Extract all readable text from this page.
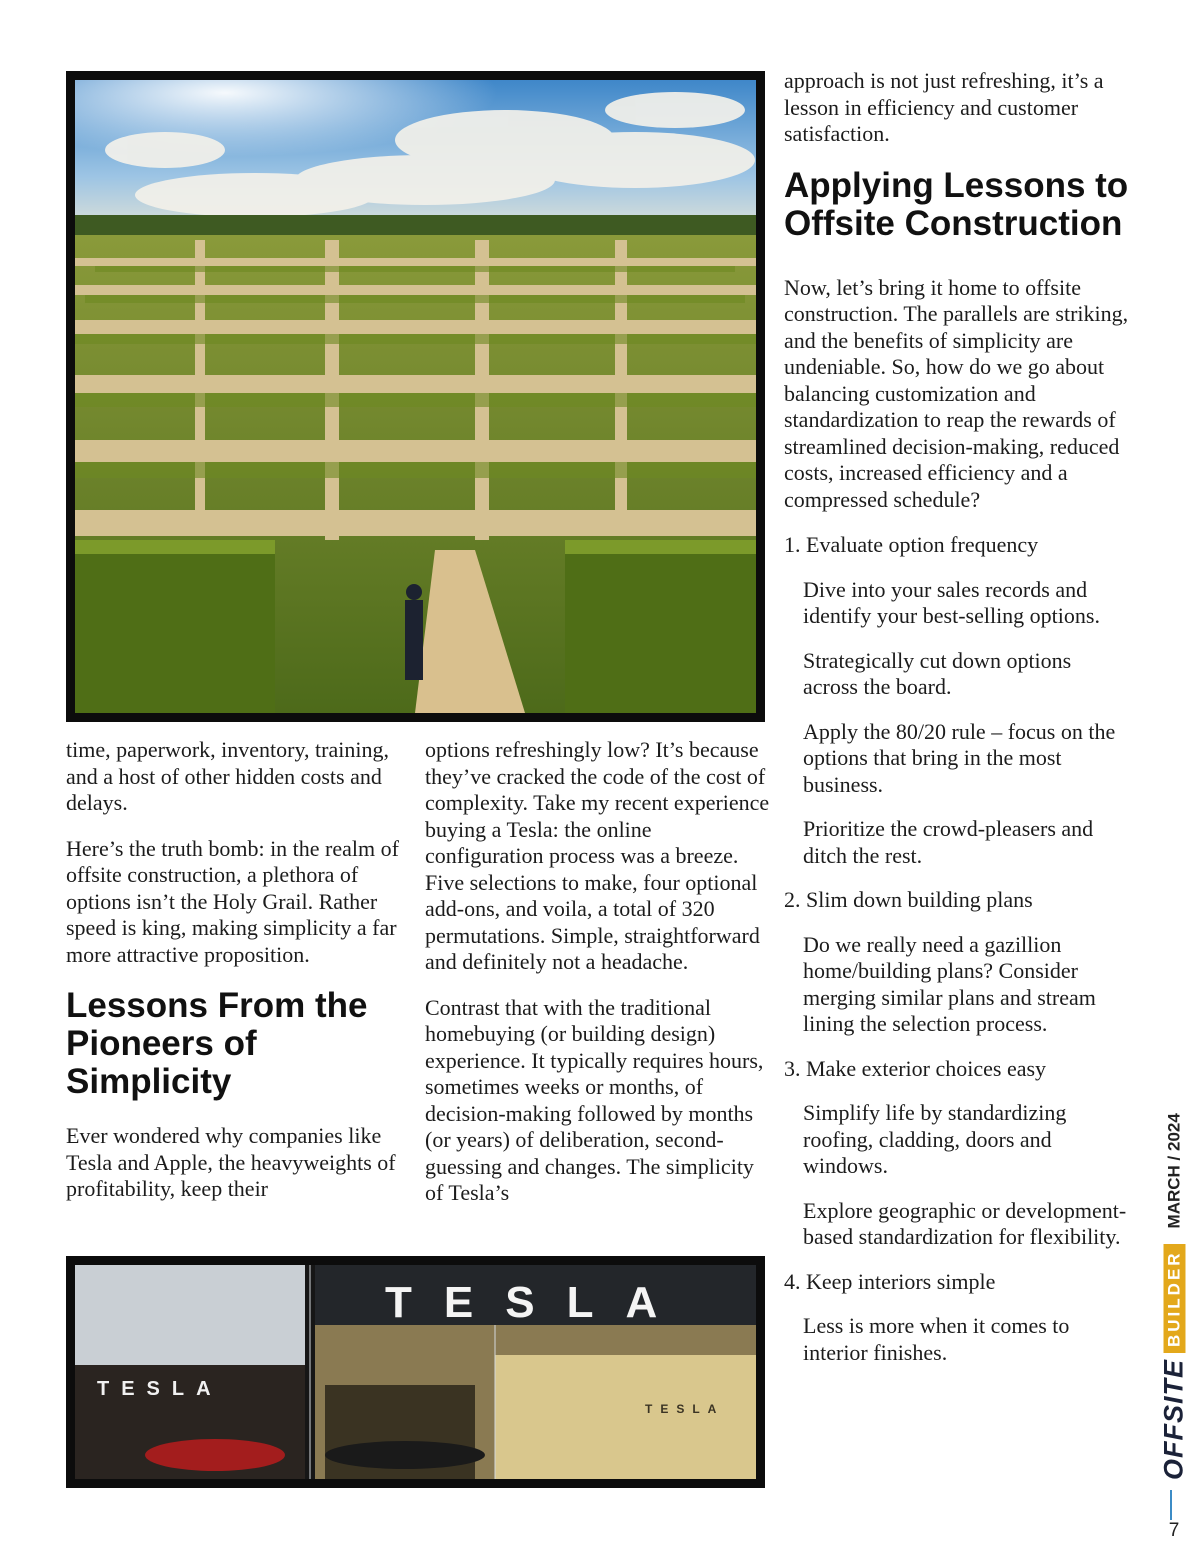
time, paperwork, inventory, training, and a host of other hidden costs and delays.

Here’s the truth bomb: in the realm of offsite construction, a plethora of options isn’t the Holy Grail. Rather speed is king, making simplicity a far more attractive proposition.

Lessons From the Pioneers of Simplicity

Ever wondered why companies like Tesla and Apple, the heavyweights of profitability, keep their

options refreshingly low? It’s because they’ve cracked the code of the cost of complexity. Take my recent experience buying a Tesla: the online configuration process was a breeze. Five selections to make, four optional add-ons, and voila, a total of 320 permutations. Simple, straightforward and definitely not a headache.

Contrast that with the traditional homebuying (or building design) experience. It typically requires hours, sometimes weeks or months, of decision-making followed by months (or years) of deliberation, second-guessing and changes. The simplicity of Tesla’s

TESLA
TESLA
TESLA

approach is not just refreshing, it’s a lesson in efficiency and customer satisfaction.

Applying Lessons to Offsite Construction

Now, let’s bring it home to offsite construction. The parallels are striking, and the benefits of simplicity are undeniable. So, how do we go about balancing customization and standardization to reap the rewards of streamlined decision-making, reduced costs, increased efficiency and a compressed schedule?

1. Evaluate option frequency
Dive into your sales records and identify your best-selling options.
Strategically cut down options across the board.
Apply the 80/20 rule – focus on the options that bring in the most business.
Prioritize the crowd-pleasers and ditch the rest.
2. Slim down building plans
Do we really need a gazillion home/building plans? Consider merging similar plans and stream lining the selection process.
3. Make exterior choices easy
Simplify life by standardizing roofing, cladding, doors and windows.
Explore geographic or development-based standardization for flexibility.
4. Keep interiors simple
Less is more when it comes to interior finishes.
OFFSITE
BUILDER
MARCH / 2024
7
